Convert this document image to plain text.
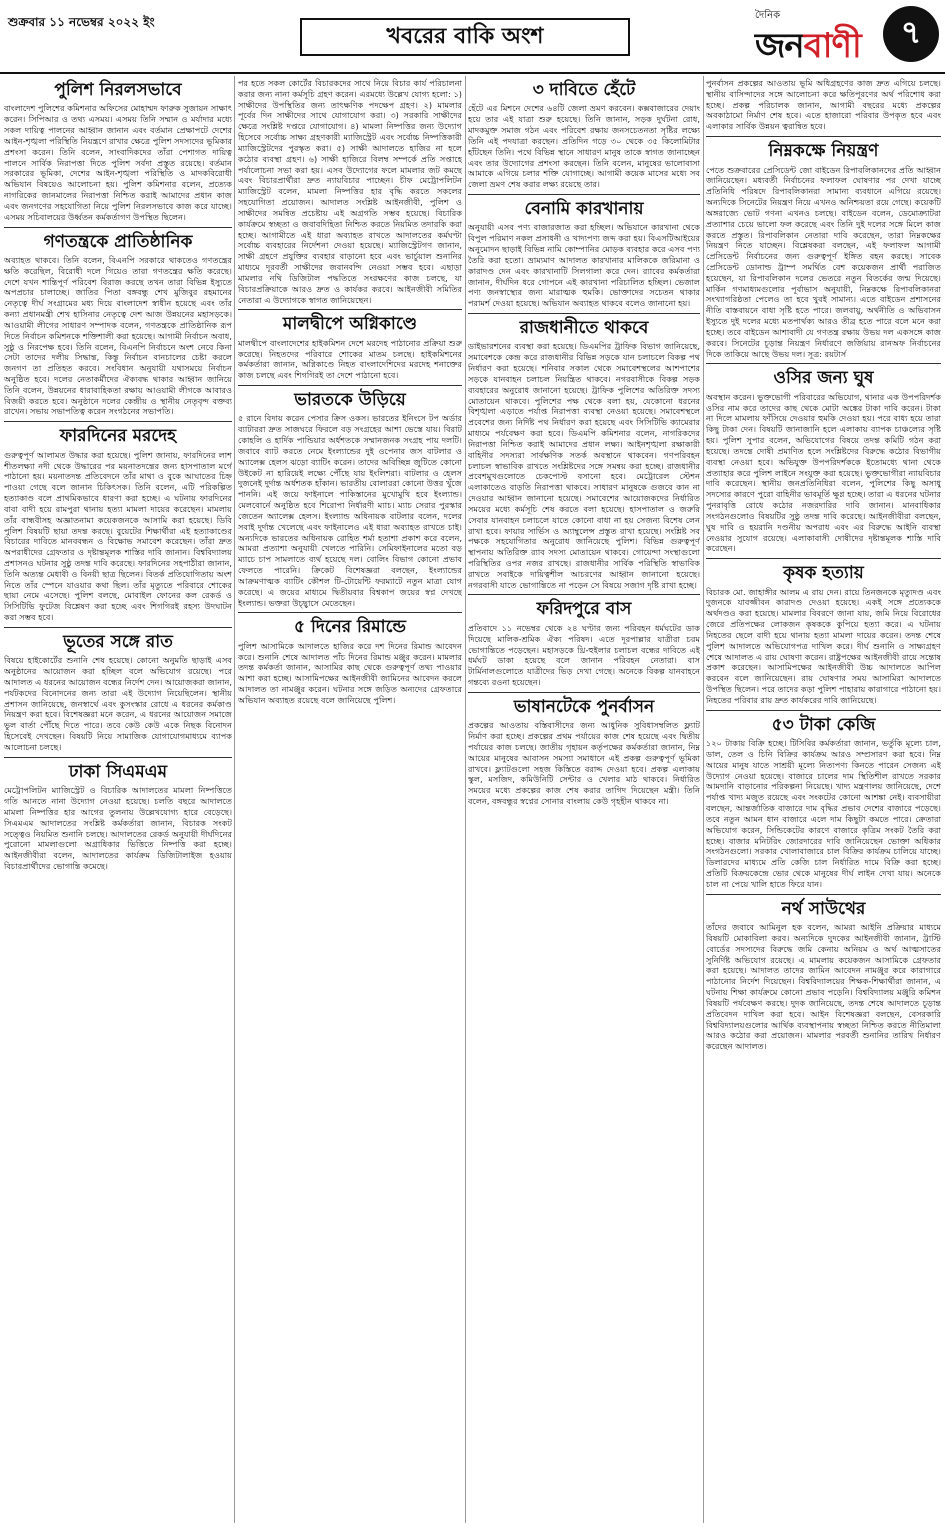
শুক্রবার ১১ নভেম্বর ২০২২ ইং
খবরের বাকি অংশ
দৈনিক
জনবাণী	৭
পুলিশ নিরলসভাবে

বাংলাদেশ পুলিশের কমিশনার অফিসের মোহাম্মদ ফারুক সুজায়ন সাক্ষাৎ করেন। সিপিআর ও তথ্য এসময়। এসময় তিনি সম্মান ও মর্যাদার মধ্যে সকল দায়িত্ব পালনের আহ্বান জানান এবং বর্তমান প্রেক্ষাপটে দেশের আইন-শৃঙ্খলা পরিস্থিতি নিয়ন্ত্রণে রাখার ক্ষেত্রে পুলিশ সদস্যদের ভূমিকার প্রশংসা করেন। তিনি বলেন, সাংবাদিকদের তাঁরা পেশাগত দায়িত্ব পালনে সার্বিক নিরাপত্তা দিতে পুলিশ সর্বদা প্রস্তুত রয়েছে। বর্তমান সরকারের ভূমিকা, দেশের আইন-শৃঙ্খলা পরিস্থিতি ও মাদকবিরোধী অভিযান বিষয়েও আলোচনা হয়। পুলিশ কমিশনার বলেন, প্রত্যেক নাগরিকের জানমালের নিরাপত্তা নিশ্চিত করাই আমাদের প্রধান কাজ এবং জনগণের সহযোগিতা নিয়ে পুলিশ নিরলসভাবে কাজ করে যাচ্ছে। এসময় সচিবালয়ের উর্ধ্বতন কর্মকর্তাগণ উপস্থিত ছিলেন।

গণতন্ত্রকে প্রাতিষ্ঠানিক

অব্যাহত থাকবে। তিনি বলেন, বিএনপি সরকারে থাকতেও গণতন্ত্রের ক্ষতি করেছিল, বিরোধী দলে গিয়েও তারা গণতন্ত্রের ক্ষতি করেছে। দেশে যখন শান্তিপূর্ণ পরিবেশ বিরাজ করছে তখন তারা বিভিন্ন ইস্যুতে অপপ্রচার চালাচ্ছে। জাতির পিতা বঙ্গবন্ধু শেখ মুজিবুর রহমানের নেতৃত্বে দীর্ঘ সংগ্রামের মধ্য দিয়ে বাংলাদেশ স্বাধীন হয়েছে এবং তাঁর কন্যা প্রধানমন্ত্রী শেখ হাসিনার নেতৃত্বে দেশ আজ উন্নয়নের মহাসড়কে। আওয়ামী লীগের সাধারণ সম্পাদক বলেন, গণতন্ত্রকে প্রাতিষ্ঠানিক রূপ দিতে নির্বাচন কমিশনকে শক্তিশালী করা হয়েছে। আগামী নির্বাচন অবাধ, সুষ্ঠু ও নিরপেক্ষ হবে। তিনি বলেন, বিএনপি নির্বাচনে অংশ নেবে কিনা সেটা তাদের দলীয় সিদ্ধান্ত, কিন্তু নির্বাচন বানচালের চেষ্টা করলে জনগণ তা প্রতিহত করবে। সংবিধান অনুযায়ী যথাসময়ে নির্বাচন অনুষ্ঠিত হবে। দলের নেতাকর্মীদের ঐক্যবদ্ধ থাকার আহ্বান জানিয়ে তিনি বলেন, উন্নয়নের ধারাবাহিকতা রক্ষায় আওয়ামী লীগকে আবারও বিজয়ী করতে হবে। অনুষ্ঠানে দলের কেন্দ্রীয় ও স্থানীয় নেতৃবৃন্দ বক্তব্য রাখেন। সভায় সভাপতিত্ব করেন সংগঠনের সভাপতি।

ফারদিনের মরদেহ

গুরুত্বপূর্ণ আলামত উদ্ধার করা হয়েছে। পুলিশ জানায়, ফারদিনের লাশ শীতলক্ষ্যা নদী থেকে উদ্ধারের পর ময়নাতদন্তের জন্য হাসপাতাল মর্গে পাঠানো হয়। ময়নাতদন্ত প্রতিবেদনে তাঁর মাথা ও বুকে আঘাতের চিহ্ন পাওয়া গেছে বলে জানান চিকিৎসক। তিনি বলেন, এটি পরিকল্পিত হত্যাকাণ্ড বলে প্রাথমিকভাবে ধারণা করা হচ্ছে। এ ঘটনায় ফারদিনের বাবা বাদী হয়ে রামপুরা থানায় হত্যা মামলা দায়ের করেছেন। মামলায় তাঁর বান্ধবীসহ অজ্ঞাতনামা কয়েকজনকে আসামি করা হয়েছে। ডিবি পুলিশ বিষয়টি ছায়া তদন্ত করছে। বুয়েটের শিক্ষার্থীরা এই হত্যাকাণ্ডের বিচারের দাবিতে মানববন্ধন ও বিক্ষোভ সমাবেশ করেছেন। তাঁরা দ্রুত অপরাধীদের গ্রেফতার ও দৃষ্টান্তমূলক শাস্তির দাবি জানান। বিশ্ববিদ্যালয় প্রশাসনও ঘটনার সুষ্ঠু তদন্ত দাবি করেছে। ফারদিনের সহপাঠীরা জানান, তিনি অত্যন্ত মেধাবী ও বিনয়ী ছাত্র ছিলেন। বিতর্ক প্রতিযোগিতায় অংশ নিতে তাঁর স্পেনে যাওয়ার কথা ছিল। তাঁর মৃত্যুতে পরিবারে শোকের ছায়া নেমে এসেছে। পুলিশ বলছে, মোবাইল ফোনের কল রেকর্ড ও সিসিটিভি ফুটেজ বিশ্লেষণ করা হচ্ছে এবং শিগগিরই রহস্য উদঘাটন করা সম্ভব হবে।

ভূতের সঙ্গে রাত

বিষয়ে হাইকোর্টের শুনানি শেষ হয়েছে। কোনো অনুমতি ছাড়াই এসব অনুষ্ঠানের আয়োজন করা হচ্ছিল বলে অভিযোগ রয়েছে। পরে আদালত এ ধরনের আয়োজন বন্ধের নির্দেশ দেন। আয়োজকরা জানান, পর্যটকদের বিনোদনের জন্য তারা এই উদ্যোগ নিয়েছিলেন। স্থানীয় প্রশাসন জানিয়েছে, জনস্বার্থে এবং কুসংস্কার রোধে এ ধরনের কর্মকাণ্ড নিয়ন্ত্রণ করা হবে। বিশেষজ্ঞরা মনে করেন, এ ধরনের আয়োজন সমাজে ভুল বার্তা পৌঁছে দিতে পারে। তবে কেউ কেউ একে নিছক বিনোদন হিসেবেই দেখছেন। বিষয়টি নিয়ে সামাজিক যোগাযোগমাধ্যমে ব্যাপক আলোচনা চলছে।

ঢাকা সিএমএম

মেট্রোপলিটন ম্যাজিস্ট্রেট ও বিচারিক আদালতের মামলা নিষ্পত্তিতে গতি আনতে নানা উদ্যোগ নেওয়া হয়েছে। চলতি বছরে আদালতে মামলা নিষ্পত্তির হার আগের তুলনায় উল্লেখযোগ্য হারে বেড়েছে। সিএমএম আদালতের সংশ্লিষ্ট কর্মকর্তারা জানান, বিচারক সংকট সত্ত্বেও নিয়মিত শুনানি চলছে। আদালতের রেকর্ড অনুযায়ী দীর্ঘদিনের পুরোনো মামলাগুলো অগ্রাধিকার ভিত্তিতে নিষ্পত্তি করা হচ্ছে। আইনজীবীরা বলেন, আদালতের কার্যক্রম ডিজিটালাইজ হওয়ায় বিচারপ্রার্থীদের ভোগান্তি কমেছে।

পর হতে সকল কোর্টের বিচারকদের সাথে নিয়ে বিচার কার্য পরিচালনা করার জন্য নানা কর্মসূচি গ্রহণ করেন। এরমধ্যে উল্লেখ যোগ্য হলো: ১) সাক্ষীদের উপস্থিতির জন্য তাৎক্ষণিক পদক্ষেপ গ্রহণ। ২) মামলার পূর্বের দিন সাক্ষীদের সাথে যোগাযোগ করা। ৩) সরকারি সাক্ষীদের ক্ষেত্রে সংশ্লিষ্ট দপ্তরে যোগাযোগ। ৪) মামলা নিষ্পত্তির জন্য উদ্যোগ হিসেবে সর্বোচ্চ সাক্ষ্য গ্রহণকারী ম্যাজিস্ট্রেট এবং সর্বোচ্চ নিষ্পত্তিকারী ম্যাজিস্ট্রেটদের পুরস্কৃত করা। ৫) সাক্ষী আদালতে হাজির না হলে কঠোর ব্যবস্থা গ্রহণ। ৬) সাক্ষী হাজিরে বিলম্ব সম্পর্কে প্রতি সপ্তাহে পর্যালোচনা সভা করা হয়। এসব উদ্যোগের ফলে মামলার জট কমছে এবং বিচারপ্রার্থীরা দ্রুত ন্যায়বিচার পাচ্ছেন। চীফ মেট্রোপলিটন ম্যাজিস্ট্রেট বলেন, মামলা নিষ্পত্তির হার বৃদ্ধি করতে সকলের সহযোগিতা প্রয়োজন। আদালত সংশ্লিষ্ট আইনজীবী, পুলিশ ও সাক্ষীদের সমন্বিত প্রচেষ্টায় এই অগ্রগতি সম্ভব হয়েছে। বিচারিক কার্যক্রমে স্বচ্ছতা ও জবাবদিহিতা নিশ্চিত করতে নিয়মিত তদারকি করা হচ্ছে। আগামীতে এই ধারা অব্যাহত রাখতে আদালতের কর্মঘণ্টা সর্বোচ্চ ব্যবহারের নির্দেশনা দেওয়া হয়েছে। ম্যাজিস্ট্রেটগণ জানান, সাক্ষী গ্রহণে প্রযুক্তির ব্যবহার বাড়ানো হবে এবং ভার্চুয়াল শুনানির মাধ্যমে দূরবর্তী সাক্ষীদের জবানবন্দি নেওয়া সম্ভব হবে। এছাড়া মামলার নথি ডিজিটাল পদ্ধতিতে সংরক্ষণের কাজ চলছে, যা বিচারপ্রক্রিয়াকে আরও দ্রুত ও কার্যকর করবে। আইনজীবী সমিতির নেতারা এ উদ্যোগকে স্বাগত জানিয়েছেন।

মালদ্বীপে অগ্নিকাণ্ডে

মালদ্বীপে বাংলাদেশের হাইকমিশন দেশে মরদেহ পাঠানোর প্রক্রিয়া শুরু করেছে। নিহতদের পরিবারে শোকের মাতম চলছে। হাইকমিশনের কর্মকর্তারা জানান, অগ্নিকাণ্ডে নিহত বাংলাদেশিদের মরদেহ শনাক্তের কাজ চলছে এবং শিগগিরই তা দেশে পাঠানো হবে।

ভারতকে উড়িয়ে

৫ রানে বিদায় করেন পেসার ক্রিস ওকস। ভারতের ইনিংসে টপ অর্ডার ব্যাটাররা দ্রুত সাজঘরে ফিরলে বড় সংগ্রহের আশা ভেস্তে যায়। বিরাট কোহলি ও হার্দিক পান্ডিয়ার অর্ধশতকে সম্মানজনক সংগ্রহ পায় দলটি। জবাবে ব্যাট করতে নেমে ইংল্যান্ডের দুই ওপেনার জস বাটলার ও অ্যালেক্স হেলস ঝড়ো ব্যাটিং করেন। তাদের অবিচ্ছিন্ন জুটিতে কোনো উইকেট না হারিয়েই লক্ষ্যে পৌঁছে যায় ইংলিশরা। বাটলার ও হেলস দুজনেই দুর্দান্ত অর্ধশতক হাঁকান। ভারতীয় বোলাররা কোনো উত্তর খুঁজে পাননি। এই জয়ে ফাইনালে পাকিস্তানের মুখোমুখি হবে ইংল্যান্ড। মেলবোর্নে অনুষ্ঠিত হবে শিরোপা নির্ধারণী ম্যাচ। ম্যাচ সেরার পুরস্কার জেতেন অ্যালেক্স হেলস। ইংল্যান্ড অধিনায়ক বাটলার বলেন, দলের সবাই দুর্দান্ত খেলেছে এবং ফাইনালেও এই ধারা অব্যাহত রাখতে চাই। অন্যদিকে ভারতের অধিনায়ক রোহিত শর্মা হতাশা প্রকাশ করে বলেন, আমরা প্রত্যাশা অনুযায়ী খেলতে পারিনি। সেমিফাইনালের মতো বড় ম্যাচে চাপ সামলাতে ব্যর্থ হয়েছে দল। বোলিং বিভাগ কোনো প্রভাব ফেলতে পারেনি। ক্রিকেট বিশেষজ্ঞরা বলছেন, ইংল্যান্ডের আক্রমণাত্মক ব্যাটিং কৌশল টি-টোয়েন্টি ফরম্যাটে নতুন মাত্রা যোগ করেছে। এ জয়ের মাধ্যমে দ্বিতীয়বার বিশ্বকাপ জয়ের স্বপ্ন দেখছে ইংল্যান্ড। ভক্তরা উচ্ছ্বাসে মেতেছেন।

৫ দিনের রিমান্ডে

পুলিশ আসামিকে আদালতে হাজির করে দশ দিনের রিমান্ড আবেদন করে। শুনানি শেষে আদালত পাঁচ দিনের রিমান্ড মঞ্জুর করেন। মামলার তদন্ত কর্মকর্তা জানান, আসামির কাছ থেকে গুরুত্বপূর্ণ তথ্য পাওয়ার আশা করা হচ্ছে। আসামিপক্ষের আইনজীবী জামিনের আবেদন করলে আদালত তা নামঞ্জুর করেন। ঘটনার সঙ্গে জড়িত অন্যদের গ্রেফতারে অভিযান অব্যাহত রয়েছে বলে জানিয়েছে পুলিশ।

৩ দাবিতে হেঁটে

হেঁটে এর মিশনে দেশের ৬৪টি জেলা ভ্রমণ করবেন। কক্সবাজারের দেয়াং হয়ে তার এই যাত্রা শুরু হয়েছে। তিনি জানান, সড়ক দুর্ঘটনা রোধ, মাদকমুক্ত সমাজ গঠন এবং পরিবেশ রক্ষায় জনসচেতনতা সৃষ্টির লক্ষ্যে তিনি এই পদযাত্রা করছেন। প্রতিদিন গড়ে ৩০ থেকে ৩৫ কিলোমিটার হাঁটছেন তিনি। পথে বিভিন্ন স্থানে সাধারণ মানুষ তাকে স্বাগত জানাচ্ছেন এবং তার উদ্যোগের প্রশংসা করছেন। তিনি বলেন, মানুষের ভালোবাসা আমাকে এগিয়ে চলার শক্তি যোগাচ্ছে। আগামী কয়েক মাসের মধ্যে সব জেলা ভ্রমণ শেষ করার লক্ষ্য রয়েছে তার।

বেনামি কারখানায়

অনুযায়ী এসব পণ্য বাজারজাত করা হচ্ছিল। অভিযানে কারখানা থেকে বিপুল পরিমাণ নকল প্রসাধনী ও খাদ্যপণ্য জব্দ করা হয়। বিএসটিআইয়ের অনুমোদন ছাড়াই বিভিন্ন নামি কোম্পানির মোড়ক ব্যবহার করে এসব পণ্য তৈরি করা হতো। ভ্রাম্যমাণ আদালত কারখানার মালিককে জরিমানা ও কারাদণ্ড দেন এবং কারখানাটি সিলগালা করে দেন। র‍্যাবের কর্মকর্তারা জানান, দীর্ঘদিন ধরে গোপনে এই কারখানা পরিচালিত হচ্ছিল। ভেজাল পণ্য জনস্বাস্থ্যের জন্য মারাত্মক হুমকি। ভোক্তাদের সচেতন থাকার পরামর্শ দেওয়া হয়েছে। অভিযান অব্যাহত থাকবে বলেও জানানো হয়।

রাজধানীতে থাকবে

ডাইভারশনের ব্যবস্থা করা হয়েছে। ডিএমপির ট্রাফিক বিভাগ জানিয়েছে, সমাবেশকে কেন্দ্র করে রাজধানীর বিভিন্ন সড়কে যান চলাচলে বিকল্প পথ নির্ধারণ করা হয়েছে। শনিবার সকাল থেকে সমাবেশস্থলের আশপাশের সড়কে যানবাহন চলাচল নিয়ন্ত্রিত থাকবে। নগরবাসীকে বিকল্প সড়ক ব্যবহারের অনুরোধ জানানো হয়েছে। ট্রাফিক পুলিশের অতিরিক্ত সদস্য মোতায়েন থাকবে। পুলিশের পক্ষ থেকে বলা হয়, যেকোনো ধরনের বিশৃঙ্খলা এড়াতে পর্যাপ্ত নিরাপত্তা ব্যবস্থা নেওয়া হয়েছে। সমাবেশস্থলে প্রবেশের জন্য নির্দিষ্ট পথ নির্ধারণ করা হয়েছে এবং সিসিটিভি ক্যামেরার মাধ্যমে পর্যবেক্ষণ করা হবে। ডিএমপি কমিশনার বলেন, নাগরিকদের নিরাপত্তা নিশ্চিত করাই আমাদের প্রধান লক্ষ্য। আইনশৃঙ্খলা রক্ষাকারী বাহিনীর সদস্যরা সার্বক্ষণিক সতর্ক অবস্থানে থাকবেন। গণপরিবহন চলাচল স্বাভাবিক রাখতে সংশ্লিষ্টদের সঙ্গে সমন্বয় করা হচ্ছে। রাজধানীর প্রবেশমুখগুলোতে চেকপোস্ট বসানো হবে। মেট্রোরেল স্টেশন এলাকাতেও বাড়তি নিরাপত্তা থাকবে। সাধারণ মানুষকে গুজবে কান না দেওয়ার আহ্বান জানানো হয়েছে। সমাবেশের আয়োজকদের নির্ধারিত সময়ের মধ্যে কর্মসূচি শেষ করতে বলা হয়েছে। হাসপাতাল ও জরুরি সেবার যানবাহন চলাচলে যাতে কোনো বাধা না হয় সেজন্য বিশেষ লেন রাখা হবে। ফায়ার সার্ভিস ও অ্যাম্বুলেন্স প্রস্তুত রাখা হয়েছে। সংশ্লিষ্ট সব পক্ষকে সহযোগিতার অনুরোধ জানিয়েছে পুলিশ। বিভিন্ন গুরুত্বপূর্ণ স্থাপনায় অতিরিক্ত র‍্যাব সদস্য মোতায়েন থাকবে। গোয়েন্দা সংস্থাগুলো পরিস্থিতির ওপর নজর রাখছে। রাজধানীর সার্বিক পরিস্থিতি স্বাভাবিক রাখতে সবাইকে দায়িত্বশীল আচরণের আহ্বান জানানো হয়েছে। নগরবাসী যাতে ভোগান্তিতে না পড়েন সে বিষয়ে সজাগ দৃষ্টি রাখা হচ্ছে।

ফরিদপুরে বাস

প্রতিবাদে ১১ নভেম্বর থেকে ২৪ ঘণ্টার জন্য পরিবহন ধর্মঘটের ডাক দিয়েছে মালিক-শ্রমিক ঐক্য পরিষদ। এতে দূরপাল্লার যাত্রীরা চরম ভোগান্তিতে পড়েছেন। মহাসড়কে থ্রি-হুইলার চলাচল বন্ধের দাবিতে এই ধর্মঘট ডাকা হয়েছে বলে জানান পরিবহন নেতারা। বাস টার্মিনালগুলোতে যাত্রীদের ভিড় দেখা গেছে। অনেকে বিকল্প যানবাহনে গন্তব্যে রওনা হয়েছেন।

ভাষানটেকে পুনর্বাসন

প্রকল্পের আওতায় বস্তিবাসীদের জন্য আধুনিক সুবিধাসম্বলিত ফ্ল্যাট নির্মাণ করা হচ্ছে। প্রকল্পের প্রথম পর্যায়ের কাজ শেষ হয়েছে এবং দ্বিতীয় পর্যায়ের কাজ চলছে। জাতীয় গৃহায়ন কর্তৃপক্ষের কর্মকর্তারা জানান, নিম্ন আয়ের মানুষের আবাসন সমস্যা সমাধানে এই প্রকল্প গুরুত্বপূর্ণ ভূমিকা রাখবে। ফ্ল্যাটগুলো সহজ কিস্তিতে বরাদ্দ দেওয়া হবে। প্রকল্প এলাকায় স্কুল, মসজিদ, কমিউনিটি সেন্টার ও খেলার মাঠ থাকবে। নির্ধারিত সময়ের মধ্যে প্রকল্পের কাজ শেষ করার তাগিদ দিয়েছেন মন্ত্রী। তিনি বলেন, বঙ্গবন্ধুর স্বপ্নের সোনার বাংলায় কেউ গৃহহীন থাকবে না।

পুনর্বাসন প্রকল্পের আওতায় ভূমি অধিগ্রহণের কাজ দ্রুত এগিয়ে চলছে। স্থানীয় বাসিন্দাদের সঙ্গে আলোচনা করে ক্ষতিপূরণের অর্থ পরিশোধ করা হচ্ছে। প্রকল্প পরিচালক জানান, আগামী বছরের মধ্যে প্রকল্পের অবকাঠামো নির্মাণ শেষ হবে। এতে হাজারো পরিবার উপকৃত হবে এবং এলাকার সার্বিক উন্নয়ন ত্বরান্বিত হবে।

নিম্নকক্ষে নিয়ন্ত্রণ

পেতে শুক্রবারের প্রেসিডেন্ট জো বাইডেন রিপাবলিকানদের প্রতি আহ্বান জানিয়েছেন। মধ্যবর্তী নির্বাচনের ফলাফল ঘোষণার পর দেখা যাচ্ছে প্রতিনিধি পরিষদে রিপাবলিকানরা সামান্য ব্যবধানে এগিয়ে রয়েছে। অন্যদিকে সিনেটের নিয়ন্ত্রণ নিয়ে এখনও অনিশ্চয়তা রয়ে গেছে। কয়েকটি অঙ্গরাজ্যে ভোট গণনা এখনও চলছে। বাইডেন বলেন, ডেমোক্র্যাটরা প্রত্যাশার চেয়ে ভালো ফল করেছে এবং তিনি দুই দলের সঙ্গে মিলে কাজ করতে প্রস্তুত। রিপাবলিকান নেতারা দাবি করেছেন, তারা নিম্নকক্ষের নিয়ন্ত্রণ নিতে যাচ্ছেন। বিশ্লেষকরা বলছেন, এই ফলাফল আগামী প্রেসিডেন্ট নির্বাচনের জন্য গুরুত্বপূর্ণ ইঙ্গিত বহন করছে। সাবেক প্রেসিডেন্ট ডোনাল্ড ট্রাম্প সমর্থিত বেশ কয়েকজন প্রার্থী পরাজিত হয়েছেন, যা রিপাবলিকান দলের ভেতরে নতুন বিতর্কের জন্ম দিয়েছে। মার্কিন গণমাধ্যমগুলোর পূর্বাভাস অনুযায়ী, নিম্নকক্ষে রিপাবলিকানরা সংখ্যাগরিষ্ঠতা পেলেও তা হবে খুবই সামান্য। এতে বাইডেন প্রশাসনের নীতি বাস্তবায়নে বাধা সৃষ্টি হতে পারে। জলবায়ু, অর্থনীতি ও অভিবাসন ইস্যুতে দুই দলের মধ্যে মতপার্থক্য আরও তীব্র হতে পারে বলে মনে করা হচ্ছে। তবে বাইডেন আশাবাদী যে গণতন্ত্র রক্ষায় উভয় দল একসঙ্গে কাজ করবে। সিনেটের চূড়ান্ত নিয়ন্ত্রণ নির্ধারণে জর্জিয়ায় রানঅফ নির্বাচনের দিকে তাকিয়ে আছে উভয় দল। সূত্র: রয়টার্স

ওসির জন্য ঘুষ

অবস্থান করেন। ভুক্তভোগী পরিবারের অভিযোগ, থানার এক উপপরিদর্শক ওসির নাম করে তাদের কাছ থেকে মোটা অঙ্কের টাকা দাবি করেন। টাকা না দিলে মামলায় ফাঁসিয়ে দেওয়ার হুমকি দেওয়া হয়। পরে বাধ্য হয়ে তারা কিছু টাকা দেন। বিষয়টি জানাজানি হলে এলাকায় ব্যাপক চাঞ্চল্যের সৃষ্টি হয়। পুলিশ সুপার বলেন, অভিযোগের বিষয়ে তদন্ত কমিটি গঠন করা হয়েছে। তদন্তে দোষী প্রমাণিত হলে সংশ্লিষ্টদের বিরুদ্ধে কঠোর বিভাগীয় ব্যবস্থা নেওয়া হবে। অভিযুক্ত উপপরিদর্শককে ইতোমধ্যে থানা থেকে প্রত্যাহার করে পুলিশ লাইনে সংযুক্ত করা হয়েছে। ভুক্তভোগীরা ন্যায়বিচার দাবি করেছেন। স্থানীয় জনপ্রতিনিধিরা বলেন, পুলিশের কিছু অসাধু সদস্যের কারণে পুরো বাহিনীর ভাবমূর্তি ক্ষুণ্ণ হচ্ছে। তারা এ ধরনের ঘটনার পুনরাবৃত্তি রোধে কঠোর নজরদারির দাবি জানান। মানবাধিকার সংগঠনগুলোও বিষয়টির সুষ্ঠু তদন্ত দাবি করেছে। আইনজীবীরা বলছেন, ঘুষ দাবি ও হয়রানি দণ্ডনীয় অপরাধ এবং এর বিরুদ্ধে আইনি ব্যবস্থা নেওয়ার সুযোগ রয়েছে। এলাকাবাসী দোষীদের দৃষ্টান্তমূলক শাস্তি দাবি করেছেন।

কৃষক হত্যায়

বিচারক মো. জাহাঙ্গীর আলম এ রায় দেন। রায়ে তিনজনকে মৃত্যুদণ্ড এবং দুজনকে যাবজ্জীবন কারাদণ্ড দেওয়া হয়েছে। একই সঙ্গে প্রত্যেককে অর্থদণ্ডও করা হয়েছে। মামলার বিবরণে জানা যায়, জমি নিয়ে বিরোধের জেরে প্রতিপক্ষের লোকজন কৃষককে কুপিয়ে হত্যা করে। এ ঘটনায় নিহতের ছেলে বাদী হয়ে থানায় হত্যা মামলা দায়ের করেন। তদন্ত শেষে পুলিশ আদালতে অভিযোগপত্র দাখিল করে। দীর্ঘ শুনানি ও সাক্ষ্যগ্রহণ শেষে আদালত এ রায় ঘোষণা করেন। রাষ্ট্রপক্ষের আইনজীবী রায়ে সন্তোষ প্রকাশ করেছেন। আসামিপক্ষের আইনজীবী উচ্চ আদালতে আপিল করবেন বলে জানিয়েছেন। রায় ঘোষণার সময় আসামিরা আদালতে উপস্থিত ছিলেন। পরে তাদের কড়া পুলিশ পাহারায় কারাগারে পাঠানো হয়। নিহতের পরিবার রায় দ্রুত কার্যকরের দাবি জানিয়েছে।

৫৩ টাকা কেজি

১২০ টাকায় বিক্রি হচ্ছে। টিসিবির কর্মকর্তারা জানান, ভর্তুকি মূল্যে চাল, ডাল, তেল ও চিনি বিক্রির কার্যক্রম আরও সম্প্রসারণ করা হবে। নিম্ন আয়ের মানুষ যাতে সাশ্রয়ী মূল্যে নিত্যপণ্য কিনতে পারেন সেজন্য এই উদ্যোগ নেওয়া হয়েছে। বাজারে চালের দাম স্থিতিশীল রাখতে সরকার আমদানি বাড়ানোর পরিকল্পনা নিয়েছে। খাদ্য মন্ত্রণালয় জানিয়েছে, দেশে পর্যাপ্ত খাদ্য মজুত রয়েছে এবং সংকটের কোনো আশঙ্কা নেই। ব্যবসায়ীরা বলছেন, আন্তর্জাতিক বাজারে দাম বৃদ্ধির প্রভাব দেশের বাজারে পড়েছে। তবে নতুন আমন ধান বাজারে এলে দাম কিছুটা কমতে পারে। ক্রেতারা অভিযোগ করেন, সিন্ডিকেটের কারণে বাজারে কৃত্রিম সংকট তৈরি করা হচ্ছে। বাজার মনিটরিং জোরদারের দাবি জানিয়েছেন ভোক্তা অধিকার সংগঠনগুলো। সরকার খোলাবাজারে চাল বিক্রির কার্যক্রম চালিয়ে যাচ্ছে। ডিলারদের মাধ্যমে প্রতি কেজি চাল নির্ধারিত দামে বিক্রি করা হচ্ছে। প্রতিটি বিক্রয়কেন্দ্রে ভোর থেকে মানুষের দীর্ঘ লাইন দেখা যায়। অনেকে চাল না পেয়ে খালি হাতে ফিরে যান।

নর্থ সাউথের

তাঁদের জবাবে আমিনুল হক বলেন, আমরা আইনি প্রক্রিয়ার মাধ্যমে বিষয়টি মোকাবিলা করব। অন্যদিকে দুদকের আইনজীবী জানান, ট্রাস্টি বোর্ডের সদস্যদের বিরুদ্ধে জমি কেনায় অনিয়ম ও অর্থ আত্মসাতের সুনির্দিষ্ট অভিযোগ রয়েছে। এ মামলায় কয়েকজন আসামিকে গ্রেফতার করা হয়েছে। আদালত তাদের জামিন আবেদন নামঞ্জুর করে কারাগারে পাঠানোর নির্দেশ দিয়েছেন। বিশ্ববিদ্যালয়ের শিক্ষক-শিক্ষার্থীরা জানান, এ ঘটনায় শিক্ষা কার্যক্রমে কোনো প্রভাব পড়েনি। বিশ্ববিদ্যালয় মঞ্জুরি কমিশন বিষয়টি পর্যবেক্ষণ করছে। দুদক জানিয়েছে, তদন্ত শেষে আদালতে চূড়ান্ত প্রতিবেদন দাখিল করা হবে। আইন বিশেষজ্ঞরা বলছেন, বেসরকারি বিশ্ববিদ্যালয়গুলোর আর্থিক ব্যবস্থাপনায় স্বচ্ছতা নিশ্চিত করতে নীতিমালা আরও কঠোর করা প্রয়োজন। মামলার পরবর্তী শুনানির তারিখ নির্ধারণ করেছেন আদালত।
